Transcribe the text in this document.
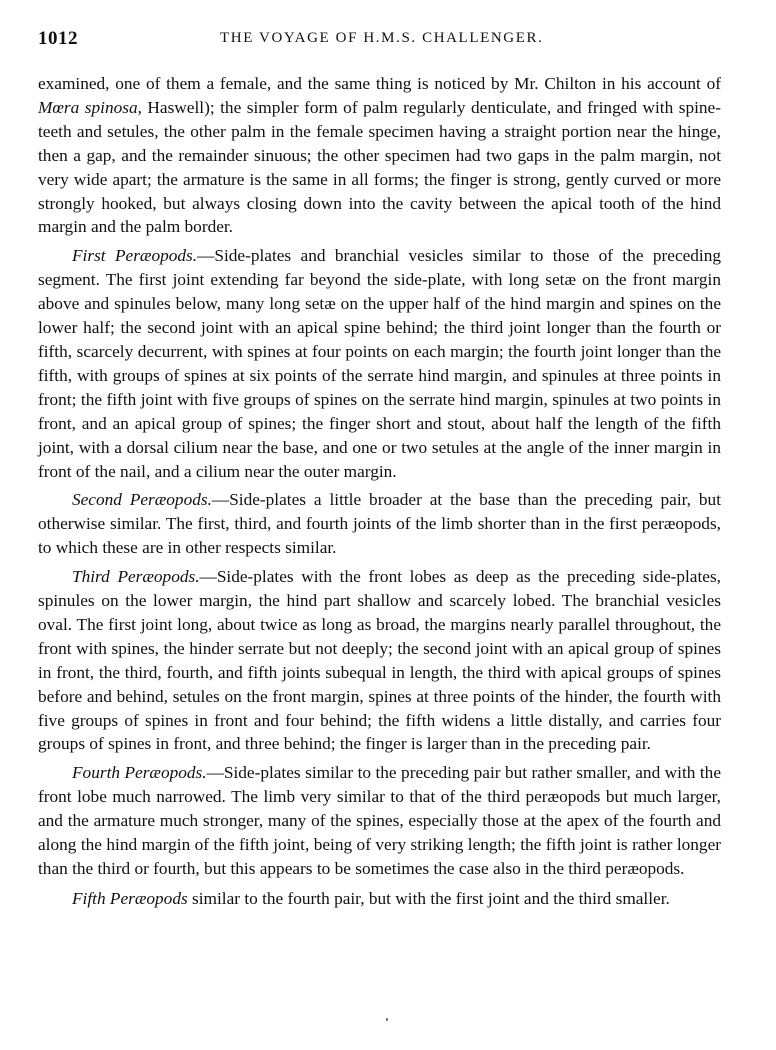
1012	THE VOYAGE OF H.M.S. CHALLENGER.

examined, one of them a female, and the same thing is noticed by Mr. Chilton in his account of Mœra spinosa, Haswell); the simpler form of palm regularly denticulate, and fringed with spine-teeth and setules, the other palm in the female specimen having a straight portion near the hinge, then a gap, and the remainder sinuous; the other specimen had two gaps in the palm margin, not very wide apart; the armature is the same in all forms; the finger is strong, gently curved or more strongly hooked, but always closing down into the cavity between the apical tooth of the hind margin and the palm border.

First Peræopods.—Side-plates and branchial vesicles similar to those of the preceding segment. The first joint extending far beyond the side-plate, with long setæ on the front margin above and spinules below, many long setæ on the upper half of the hind margin and spines on the lower half; the second joint with an apical spine behind; the third joint longer than the fourth or fifth, scarcely decurrent, with spines at four points on each margin; the fourth joint longer than the fifth, with groups of spines at six points of the serrate hind margin, and spinules at three points in front; the fifth joint with five groups of spines on the serrate hind margin, spinules at two points in front, and an apical group of spines; the finger short and stout, about half the length of the fifth joint, with a dorsal cilium near the base, and one or two setules at the angle of the inner margin in front of the nail, and a cilium near the outer margin.

Second Peræopods.—Side-plates a little broader at the base than the preceding pair, but otherwise similar. The first, third, and fourth joints of the limb shorter than in the first peræopods, to which these are in other respects similar.

Third Peræopods.—Side-plates with the front lobes as deep as the preceding side-plates, spinules on the lower margin, the hind part shallow and scarcely lobed. The branchial vesicles oval. The first joint long, about twice as long as broad, the margins nearly parallel throughout, the front with spines, the hinder serrate but not deeply; the second joint with an apical group of spines in front, the third, fourth, and fifth joints subequal in length, the third with apical groups of spines before and behind, setules on the front margin, spines at three points of the hinder, the fourth with five groups of spines in front and four behind; the fifth widens a little distally, and carries four groups of spines in front, and three behind; the finger is larger than in the preceding pair.

Fourth Peræopods.—Side-plates similar to the preceding pair but rather smaller, and with the front lobe much narrowed. The limb very similar to that of the third peræopods but much larger, and the armature much stronger, many of the spines, especially those at the apex of the fourth and along the hind margin of the fifth joint, being of very striking length; the fifth joint is rather longer than the third or fourth, but this appears to be sometimes the case also in the third peræopods.

Fifth Peræopods similar to the fourth pair, but with the first joint and the third smaller.
